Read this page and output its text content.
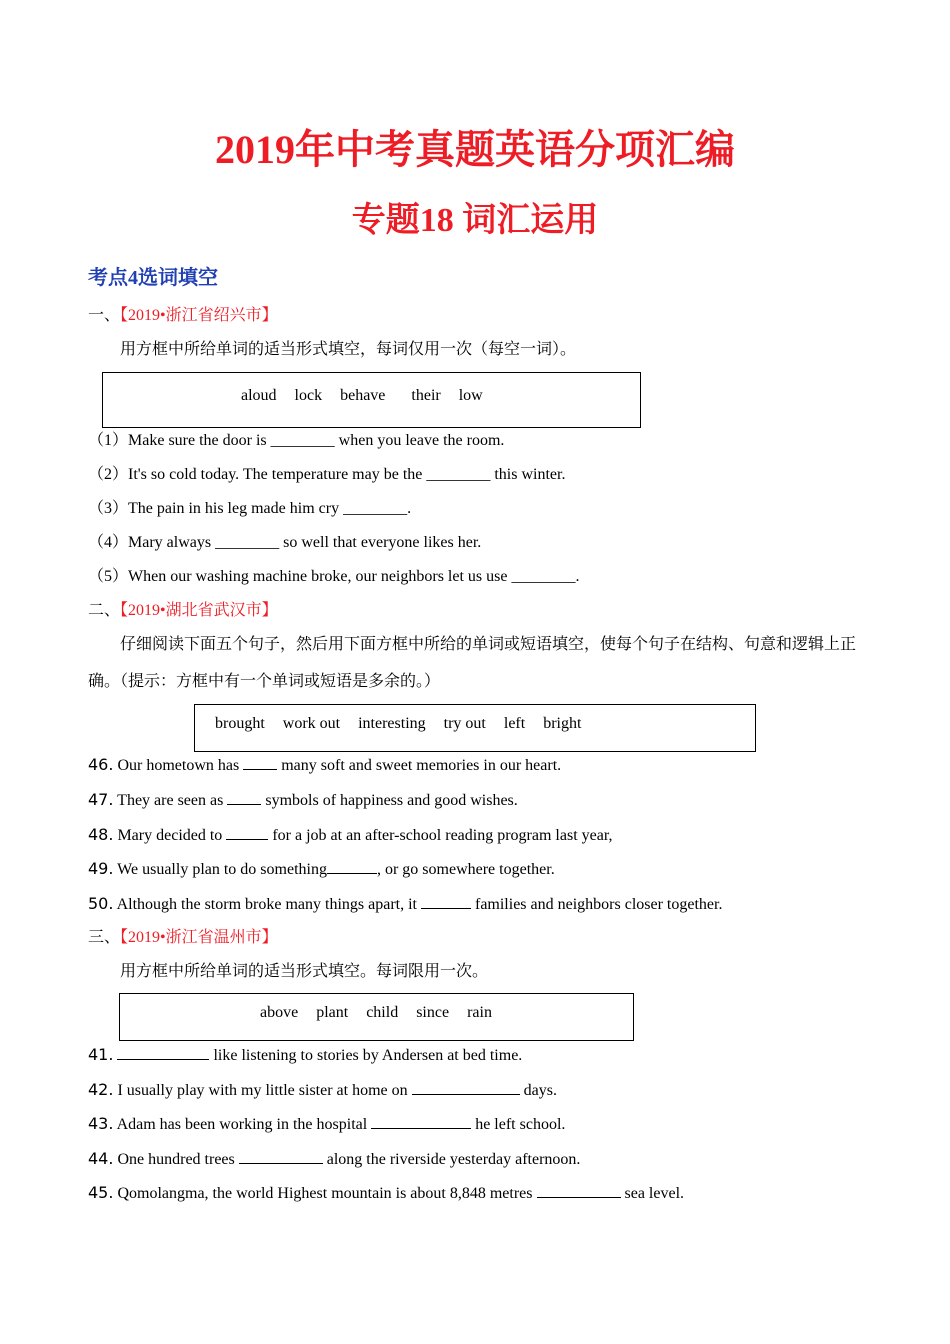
2019年中考真题英语分项汇编
专题18 词汇运用
考点4选词填空
一、【2019•浙江省绍兴市】
用方框中所给单词的适当形式填空，每词仅用一次（每空一词）。
aloud lock behave their low
（1）Make sure the door is ________ when you leave the room.
（2）It's so cold today. The temperature may be the ________ this winter.
（3）The pain in his leg made him cry ________.
（4）Mary always ________ so well that everyone likes her.
（5）When our washing machine broke, our neighbors let us use ________.
二、【2019•湖北省武汉市】
仔细阅读下面五个句子，然后用下面方框中所给的单词或短语填空，使每个句子在结构、句意和逻辑上正确。（提示：方框中有一个单词或短语是多余的。）
brought work out interesting try out left bright
46. Our hometown has  many soft and sweet memories in our heart.
47. They are seen as  symbols of happiness and good wishes.
48. Mary decided to	for a job at an after-school reading program last year,
49. We usually plan to do something	, or go somewhere together.
50. Although the storm broke many things apart, it	families and neighbors closer together.
三、【2019•浙江省温州市】
用方框中所给单词的适当形式填空。每词限用一次。
above plant child since rain
41.	like listening to stories by Andersen at bed time.
42. I usually play with my little sister at home on	days.
43. Adam has been working in the hospital	he left school.
44. One hundred trees	along the riverside yesterday afternoon.
45. Qomolangma, the world Highest mountain is about 8,848 metres	sea level.
